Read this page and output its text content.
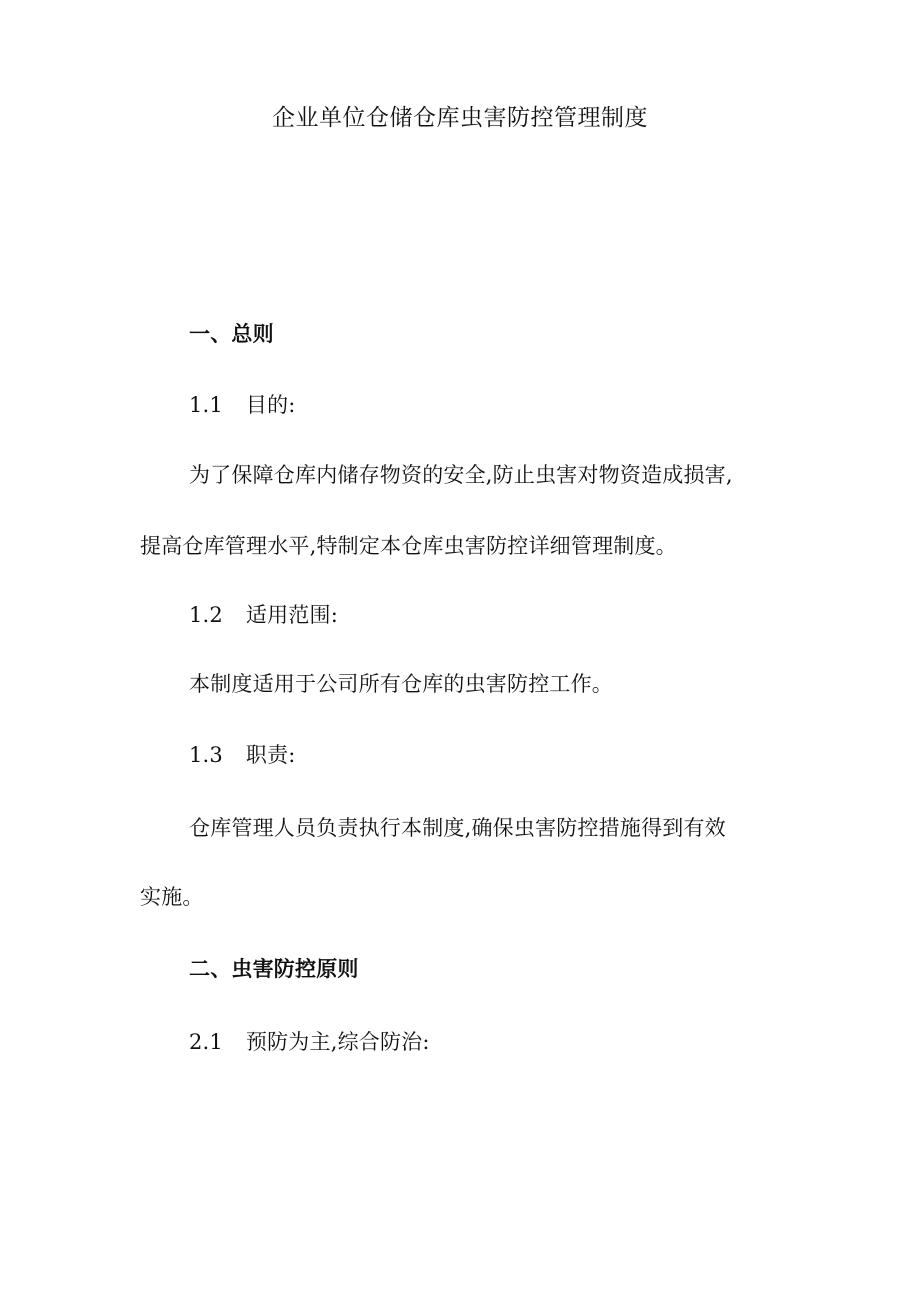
企业单位仓储仓库虫害防控管理制度
一、总则
1.1 目的:
为了保障仓库内储存物资的安全,防止虫害对物资造成损害,
提高仓库管理水平,特制定本仓库虫害防控详细管理制度。
1.2 适用范围:
本制度适用于公司所有仓库的虫害防控工作。
1.3 职责:
仓库管理人员负责执行本制度,确保虫害防控措施得到有效
实施。
二、虫害防控原则
2.1 预防为主,综合防治:
